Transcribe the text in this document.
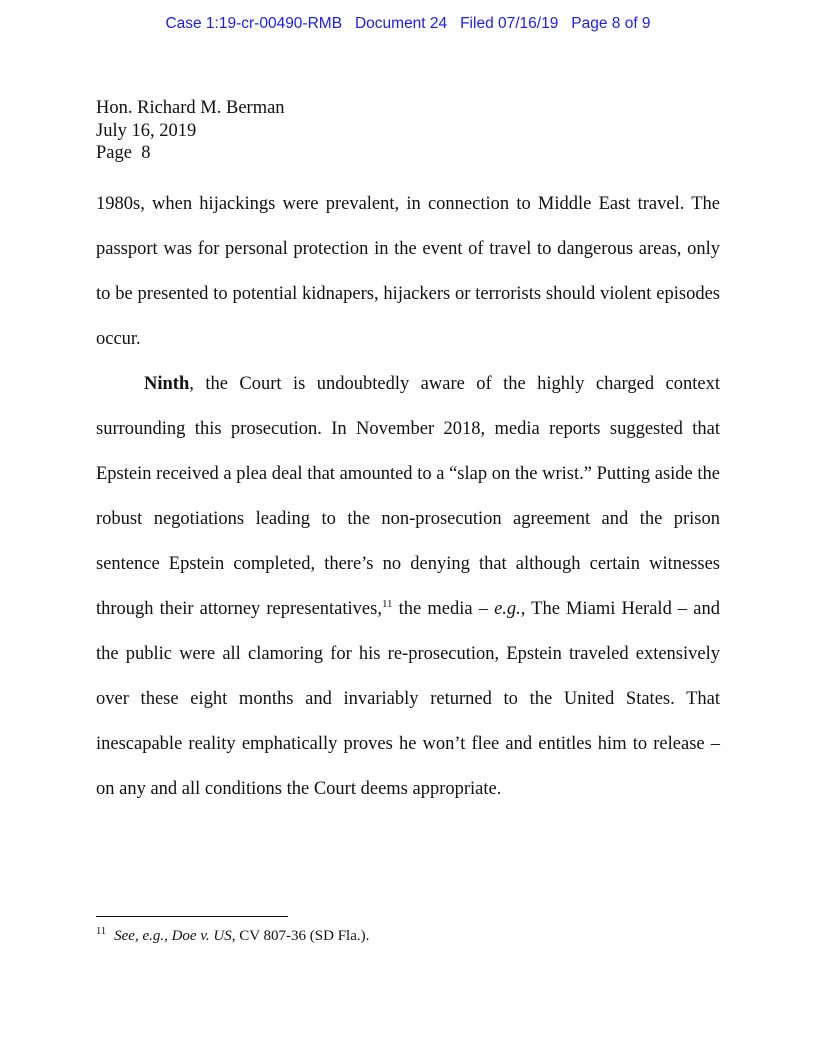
Case 1:19-cr-00490-RMB Document 24 Filed 07/16/19 Page 8 of 9
Hon. Richard M. Berman
July 16, 2019
Page  8

1980s, when hijackings were prevalent, in connection to Middle East travel. The passport was for personal protection in the event of travel to dangerous areas, only to be presented to potential kidnapers, hijackers or terrorists should violent episodes occur.

Ninth, the Court is undoubtedly aware of the highly charged context surrounding this prosecution. In November 2018, media reports suggested that Epstein received a plea deal that amounted to a “slap on the wrist.” Putting aside the robust negotiations leading to the non-prosecution agreement and the prison sentence Epstein completed, there’s no denying that although certain witnesses through their attorney representatives,$^{11}$ the media – e.g., The Miami Herald – and the public were all clamoring for his re-prosecution, Epstein traveled extensively over these eight months and invariably returned to the United States. That inescapable reality emphatically proves he won’t flee and entitles him to release – on any and all conditions the Court deems appropriate.

$^{11}$ See, e.g., Doe v. US, CV 807-36 (SD Fla.).
